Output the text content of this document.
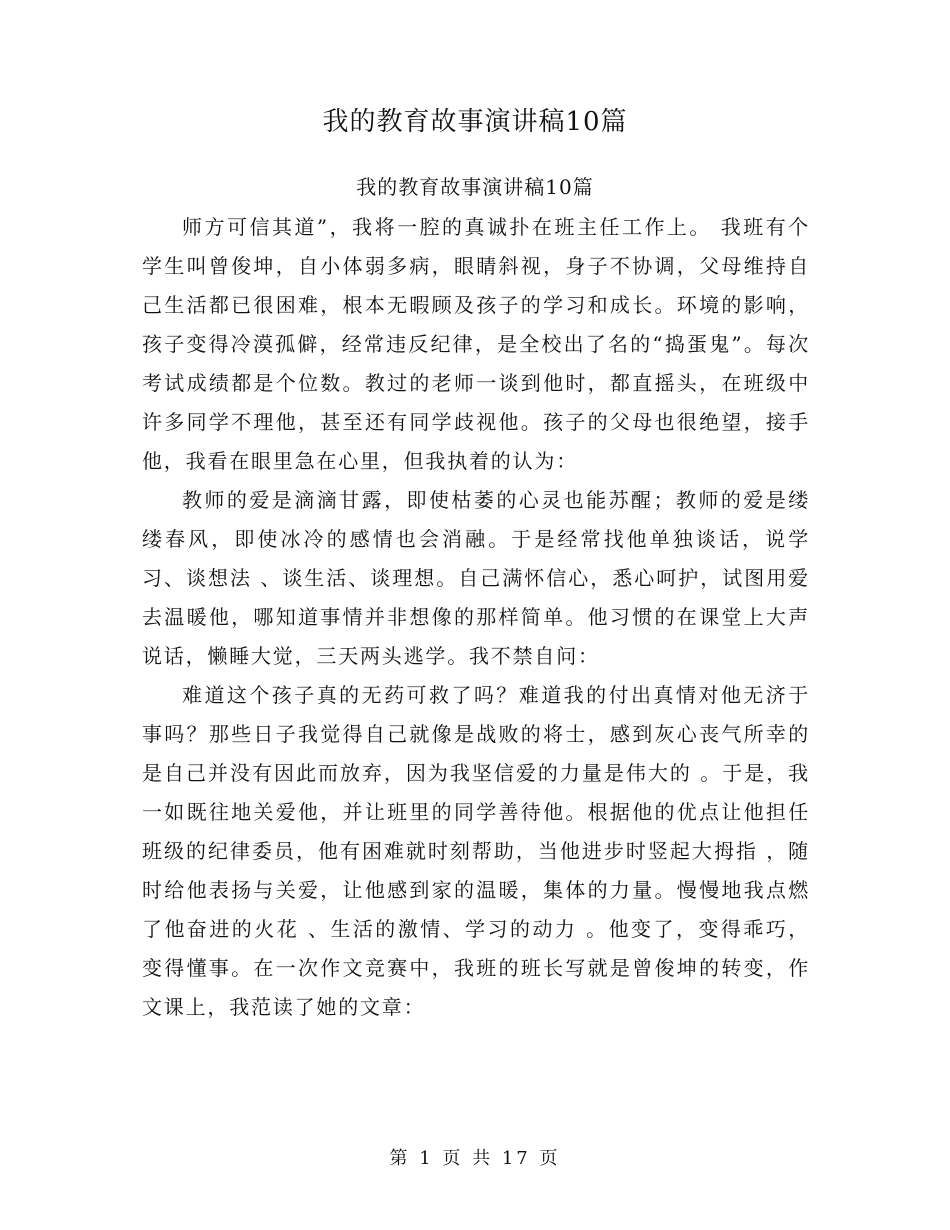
我的教育故事演讲稿10篇
我的教育故事演讲稿10篇

师方可信其道”，我将一腔的真诚扑在班主任工作上。 我班有个学生叫曾俊坤，自小体弱多病，眼睛斜视，身子不协调，父母维持自己生活都已很困难，根本无暇顾及孩子的学习和成长。环境的影响，孩子变得冷漠孤僻，经常违反纪律，是全校出了名的“捣蛋鬼”。每次考试成绩都是个位数。教过的老师一谈到他时，都直摇头，在班级中许多同学不理他，甚至还有同学歧视他。孩子的父母也很绝望，接手他，我看在眼里急在心里，但我执着的认为：

教师的爱是滴滴甘露，即使枯萎的心灵也能苏醒；教师的爱是缕缕春风，即使冰冷的感情也会消融。于是经常找他单独谈话，说学习、谈想法 、谈生活、谈理想。自己满怀信心，悉心呵护，试图用爱去温暖他，哪知道事情并非想像的那样简单。他习惯的在课堂上大声说话，懒睡大觉，三天两头逃学。我不禁自问：

难道这个孩子真的无药可救了吗？难道我的付出真情对他无济于事吗？那些日子我觉得自己就像是战败的将士，感到灰心丧气所幸的是自己并没有因此而放弃，因为我坚信爱的力量是伟大的 。于是，我一如既往地关爱他，并让班里的同学善待他。根据他的优点让他担任班级的纪律委员，他有困难就时刻帮助，当他进步时竖起大拇指 ，随时给他表扬与关爱，让他感到家的温暖，集体的力量。慢慢地我点燃了他奋进的火花 、生活的激情、学习的动力 。他变了，变得乖巧，变得懂事。在一次作文竞赛中，我班的班长写就是曾俊坤的转变，作文课上，我范读了她的文章：

第 1 页 共 17 页
